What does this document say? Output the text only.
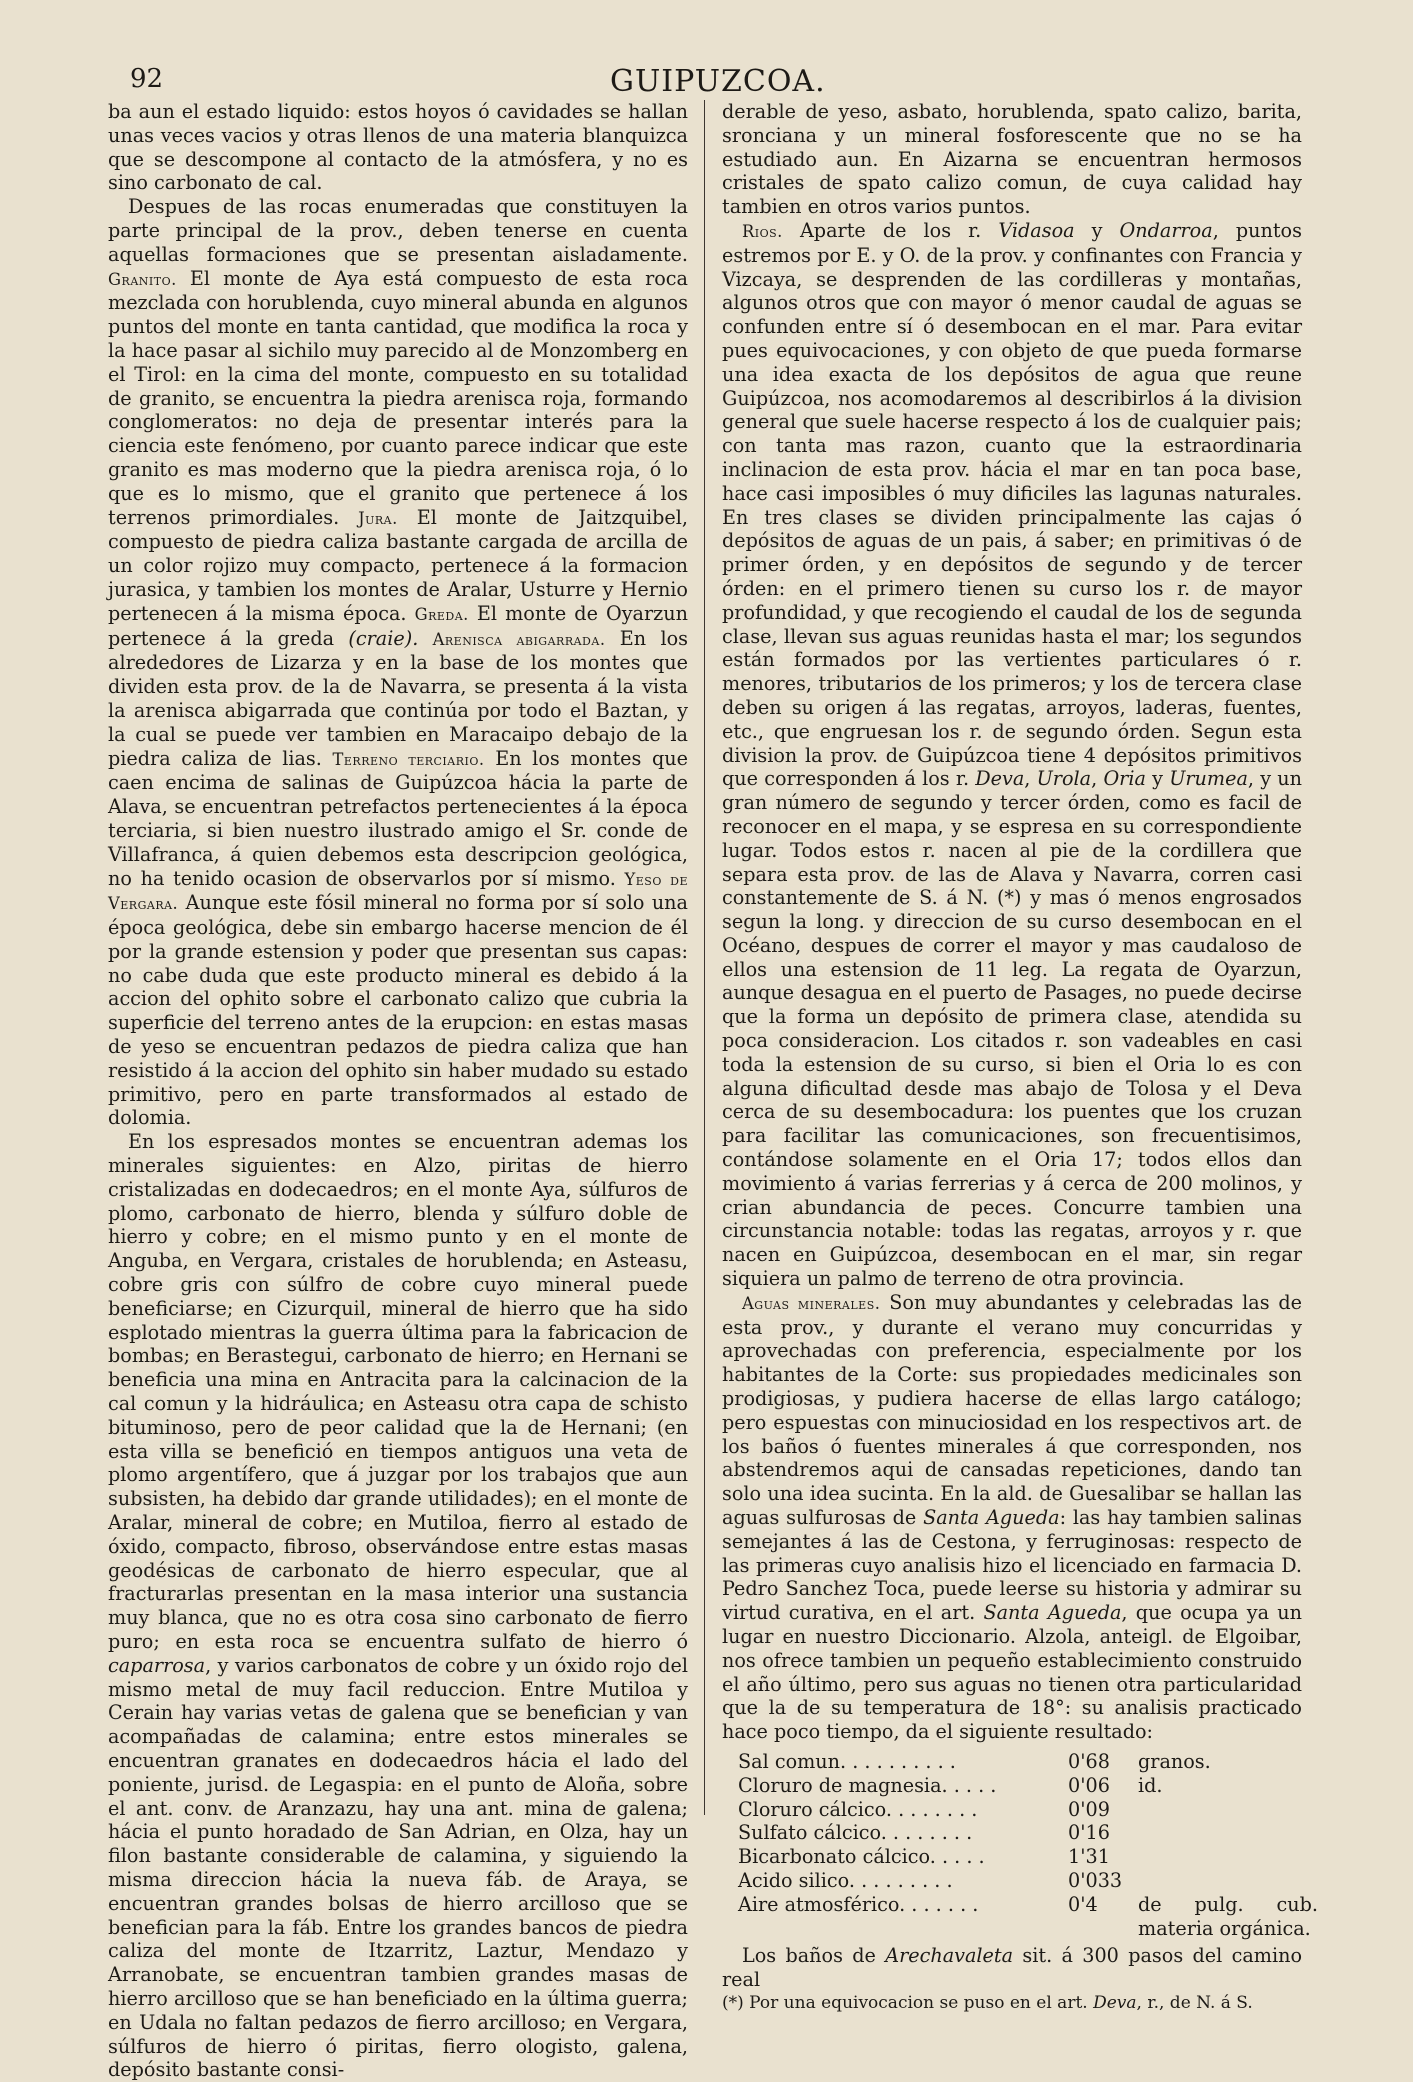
92	GUIPUZCOA.

ba aun el estado liquido: estos hoyos ó cavidades se hallan unas veces vacios y otras llenos de una materia blanquizca que se descompone al contacto de la atmósfera, y no es sino carbonato de cal.

Despues de las rocas enumeradas que constituyen la parte principal de la prov., deben tenerse en cuenta aquellas formaciones que se presentan aisladamente. Granito. El monte de Aya está compuesto de esta roca mezclada con horublenda, cuyo mineral abunda en algunos puntos del monte en tanta cantidad, que modifica la roca y la hace pasar al sichilo muy parecido al de Monzomberg en el Tirol: en la cima del monte, compuesto en su totalidad de granito, se encuentra la piedra arenisca roja, formando conglomeratos: no deja de presentar interés para la ciencia este fenómeno, por cuanto parece indicar que este granito es mas moderno que la piedra arenisca roja, ó lo que es lo mismo, que el granito que pertenece á los terrenos primordiales. Jura. El monte de Jaitzquibel, compuesto de piedra caliza bastante cargada de arcilla de un color rojizo muy compacto, pertenece á la formacion jurasica, y tambien los montes de Aralar, Usturre y Hernio pertenecen á la misma época. Greda. El monte de Oyarzun pertenece á la greda (craie). Arenisca abigarrada. En los alrededores de Lizarza y en la base de los montes que dividen esta prov. de la de Navarra, se presenta á la vista la arenisca abigarrada que continúa por todo el Baztan, y la cual se puede ver tambien en Maracaipo debajo de la piedra caliza de lias. Terreno terciario. En los montes que caen encima de salinas de Guipúzcoa hácia la parte de Alava, se encuentran petrefactos pertenecientes á la época terciaria, si bien nuestro ilustrado amigo el Sr. conde de Villafranca, á quien debemos esta descripcion geológica, no ha tenido ocasion de observarlos por sí mismo. Yeso de Vergara. Aunque este fósil mineral no forma por sí solo una época geológica, debe sin embargo hacerse mencion de él por la grande estension y poder que presentan sus capas: no cabe duda que este producto mineral es debido á la accion del ophito sobre el carbonato calizo que cubria la superficie del terreno antes de la erupcion: en estas masas de yeso se encuentran pedazos de piedra caliza que han resistido á la accion del ophito sin haber mudado su estado primitivo, pero en parte transformados al estado de dolomia.

En los espresados montes se encuentran ademas los minerales siguientes: en Alzo, piritas de hierro cristalizadas en dodecaedros; en el monte Aya, súlfuros de plomo, carbonato de hierro, blenda y súlfuro doble de hierro y cobre; en el mismo punto y en el monte de Anguba, en Vergara, cristales de horublenda; en Asteasu, cobre gris con súlfro de cobre cuyo mineral puede beneficiarse; en Cizurquil, mineral de hierro que ha sido esplotado mientras la guerra última para la fabricacion de bombas; en Berastegui, carbonato de hierro; en Hernani se beneficia una mina en Antracita para la calcinacion de la cal comun y la hidráulica; en Asteasu otra capa de schisto bituminoso, pero de peor calidad que la de Hernani; (en esta villa se benefició en tiempos antiguos una veta de plomo argentífero, que á juzgar por los trabajos que aun subsisten, ha debido dar grande utilidades); en el monte de Aralar, mineral de cobre; en Mutiloa, fierro al estado de óxido, compacto, fibroso, observándose entre estas masas geodésicas de carbonato de hierro especular, que al fracturarlas presentan en la masa interior una sustancia muy blanca, que no es otra cosa sino carbonato de fierro puro; en esta roca se encuentra sulfato de hierro ó caparrosa, y varios carbonatos de cobre y un óxido rojo del mismo metal de muy facil reduccion. Entre Mutiloa y Cerain hay varias vetas de galena que se benefician y van acompañadas de calamina; entre estos minerales se encuentran granates en dodecaedros hácia el lado del poniente, jurisd. de Legaspia: en el punto de Aloña, sobre el ant. conv. de Aranzazu, hay una ant. mina de galena; hácia el punto horadado de San Adrian, en Olza, hay un filon bastante considerable de calamina, y siguiendo la misma direccion hácia la nueva fáb. de Araya, se encuentran grandes bolsas de hierro arcilloso que se benefician para la fáb. Entre los grandes bancos de piedra caliza del monte de Itzarritz, Laztur, Mendazo y Arranobate, se encuentran tambien grandes masas de hierro arcilloso que se han beneficiado en la última guerra; en Udala no faltan pedazos de fierro arcilloso; en Vergara, súlfuros de hierro ó piritas, fierro ologisto, galena, depósito bastante consi-

derable de yeso, asbato, horublenda, spato calizo, barita, sronciana y un mineral fosforescente que no se ha estudiado aun. En Aizarna se encuentran hermosos cristales de spato calizo comun, de cuya calidad hay tambien en otros varios puntos.

Rios. Aparte de los r. Vidasoa y Ondarroa, puntos estremos por E. y O. de la prov. y confinantes con Francia y Vizcaya, se desprenden de las cordilleras y montañas, algunos otros que con mayor ó menor caudal de aguas se confunden entre sí ó desembocan en el mar. Para evitar pues equivocaciones, y con objeto de que pueda formarse una idea exacta de los depósitos de agua que reune Guipúzcoa, nos acomodaremos al describirlos á la division general que suele hacerse respecto á los de cualquier pais; con tanta mas razon, cuanto que la estraordinaria inclinacion de esta prov. hácia el mar en tan poca base, hace casi imposibles ó muy dificiles las lagunas naturales. En tres clases se dividen principalmente las cajas ó depósitos de aguas de un pais, á saber; en primitivas ó de primer órden, y en depósitos de segundo y de tercer órden: en el primero tienen su curso los r. de mayor profundidad, y que recogiendo el caudal de los de segunda clase, llevan sus aguas reunidas hasta el mar; los segundos están formados por las vertientes particulares ó r. menores, tributarios de los primeros; y los de tercera clase deben su origen á las regatas, arroyos, laderas, fuentes, etc., que engruesan los r. de segundo órden. Segun esta division la prov. de Guipúzcoa tiene 4 depósitos primitivos que corresponden á los r. Deva, Urola, Oria y Urumea, y un gran número de segundo y tercer órden, como es facil de reconocer en el mapa, y se espresa en su correspondiente lugar. Todos estos r. nacen al pie de la cordillera que separa esta prov. de las de Alava y Navarra, corren casi constantemente de S. á N. (*) y mas ó menos engrosados segun la long. y direccion de su curso desembocan en el Océano, despues de correr el mayor y mas caudaloso de ellos una estension de 11 leg. La regata de Oyarzun, aunque desagua en el puerto de Pasages, no puede decirse que la forma un depósito de primera clase, atendida su poca consideracion. Los citados r. son vadeables en casi toda la estension de su curso, si bien el Oria lo es con alguna dificultad desde mas abajo de Tolosa y el Deva cerca de su desembocadura: los puentes que los cruzan para facilitar las comunicaciones, son frecuentisimos, contándose solamente en el Oria 17; todos ellos dan movimiento á varias ferrerias y á cerca de 200 molinos, y crian abundancia de peces. Concurre tambien una circunstancia notable: todas las regatas, arroyos y r. que nacen en Guipúzcoa, desembocan en el mar, sin regar siquiera un palmo de terreno de otra provincia.

Aguas minerales. Son muy abundantes y celebradas las de esta prov., y durante el verano muy concurridas y aprovechadas con preferencia, especialmente por los habitantes de la Corte: sus propiedades medicinales son prodigiosas, y pudiera hacerse de ellas largo catálogo; pero espuestas con minuciosidad en los respectivos art. de los baños ó fuentes minerales á que corresponden, nos abstendremos aqui de cansadas repeticiones, dando tan solo una idea sucinta. En la ald. de Guesalibar se hallan las aguas sulfurosas de Santa Agueda: las hay tambien salinas semejantes á las de Cestona, y ferruginosas: respecto de las primeras cuyo analisis hizo el licenciado en farmacia D. Pedro Sanchez Toca, puede leerse su historia y admirar su virtud curativa, en el art. Santa Agueda, que ocupa ya un lugar en nuestro Diccionario. Alzola, anteigl. de Elgoibar, nos ofrece tambien un pequeño establecimiento construido el año último, pero sus aguas no tienen otra particularidad que la de su temperatura de 18°: su analisis practicado hace poco tiempo, da el siguiente resultado:

Sal comun. . . . . . . . . .	0'68	granos.
Cloruro de magnesia. . . . .	0'06	id.
Cloruro cálcico. . . . . . . .	0'09	
Sulfato cálcico. . . . . . . .	0'16	
Bicarbonato cálcico. . . . .	1'31	
Acido silico. . . . . . . . .	0'033	
Aire atmosférico. . . . . . .	0'4	de pulg. cub. materia orgánica.

Los baños de Arechavaleta sit. á 300 pasos del camino real

(*) Por una equivocacion se puso en el art. Deva, r., de N. á S.
